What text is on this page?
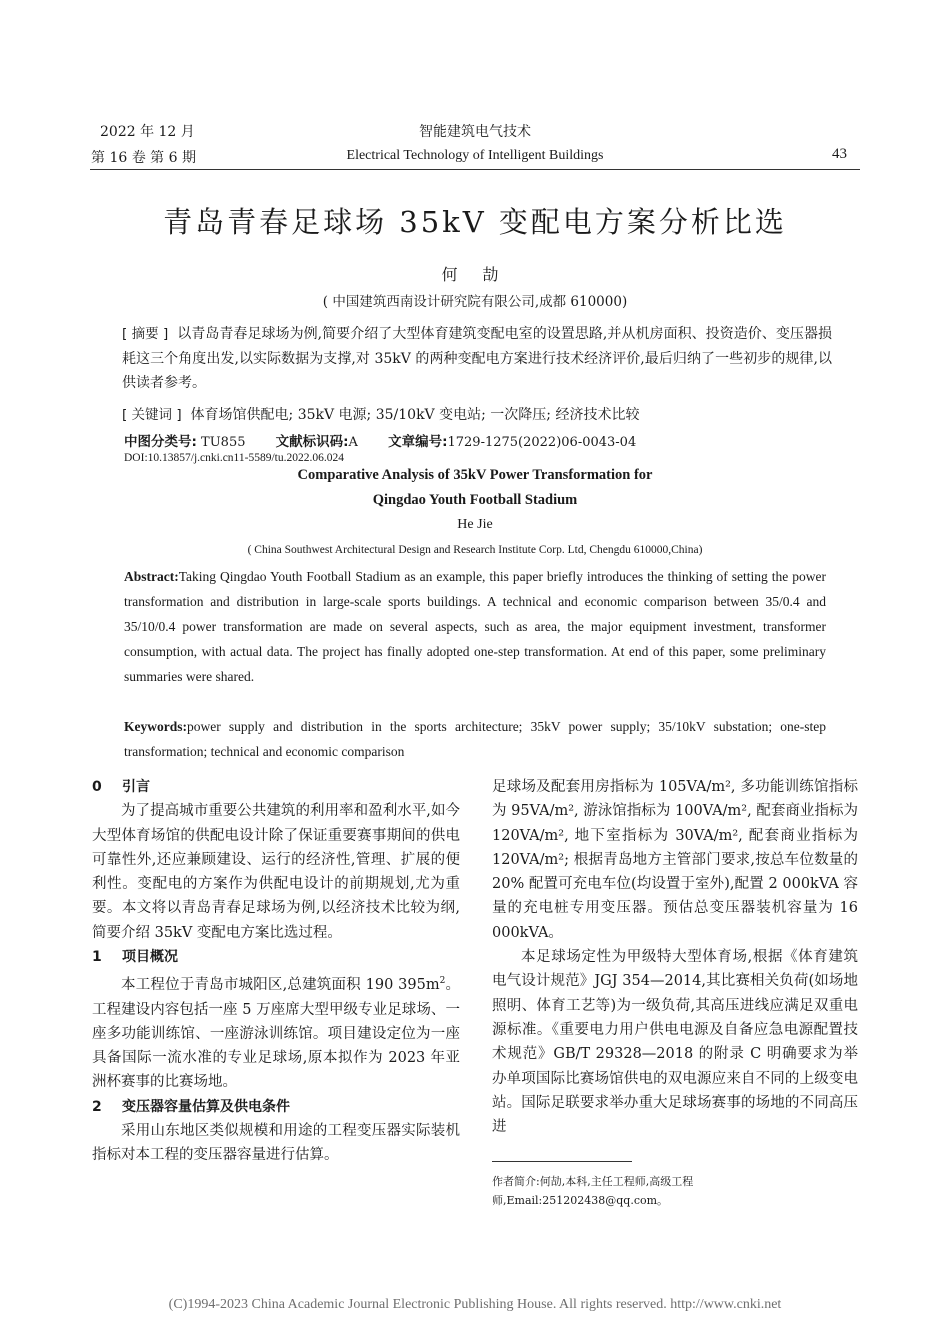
2022 年 12 月
第 16 卷 第 6 期
智能建筑电气技术
Electrical Technology of Intelligent Buildings	43
青岛青春足球场 35kV 变配电方案分析比选
何 劼
( 中国建筑西南设计研究院有限公司,成都 610000)
[ 摘要 ] 以青岛青春足球场为例,简要介绍了大型体育建筑变配电室的设置思路,并从机房面积、投资造价、变压器损耗这三个角度出发,以实际数据为支撑,对 35kV 的两种变配电方案进行技术经济评价,最后归纳了一些初步的规律,以供读者参考。
[ 关键词 ] 体育场馆供配电; 35kV 电源; 35/10kV 变电站; 一次降压; 经济技术比较
中图分类号: TU855 文献标识码:A 文章编号:1729-1275(2022)06-0043-04
DOI:10.13857/j.cnki.cn11-5589/tu.2022.06.024
Comparative Analysis of 35kV Power Transformation for
Qingdao Youth Football Stadium
He Jie
( China Southwest Architectural Design and Research Institute Corp. Ltd, Chengdu 610000,China)
Abstract:Taking Qingdao Youth Football Stadium as an example, this paper briefly introduces the thinking of setting the power transformation and distribution in large-scale sports buildings. A technical and economic comparison between 35/0.4 and 35/10/0.4 power transformation are made on several aspects, such as area, the major equipment investment, transformer consumption, with actual data. The project has finally adopted one-step transformation. At end of this paper, some preliminary summaries were shared.
Keywords:power supply and distribution in the sports architecture; 35kV power supply; 35/10kV substation; one-step transformation; technical and economic comparison
0 引言

为了提高城市重要公共建筑的利用率和盈利水平,如今大型体育场馆的供配电设计除了保证重要赛事期间的供电可靠性外,还应兼顾建设、运行的经济性,管理、扩展的便利性。变配电的方案作为供配电设计的前期规划,尤为重要。本文将以青岛青春足球场为例,以经济技术比较为纲,简要介绍 35kV 变配电方案比选过程。

1 项目概况

本工程位于青岛市城阳区,总建筑面积 190 $395m^2$。工程建设内容包括一座 5 万座席大型甲级专业足球场、一座多功能训练馆、一座游泳训练馆。项目建设定位为一座具备国际一流水准的专业足球场,原本拟作为 2023 年亚洲杯赛事的比赛场地。

2 变压器容量估算及供电条件

采用山东地区类似规模和用途的工程变压器实际装机指标对本工程的变压器容量进行估算。

足球场及配套用房指标为 105VA/m², 多功能训练馆指标为 95VA/m², 游泳馆指标为 100VA/m², 配套商业指标为 120VA/m², 地下室指标为 30VA/m², 配套商业指标为 120VA/m²; 根据青岛地方主管部门要求,按总车位数量的 20% 配置可充电车位(均设置于室外),配置 2 000kVA 容量的充电桩专用变压器。预估总变压器装机容量为 16 000kVA。

本足球场定性为甲级特大型体育场,根据《体育建筑电气设计规范》JGJ 354—2014,其比赛相关负荷(如场地照明、体育工艺等)为一级负荷,其高压进线应满足双重电源标准。《重要电力用户供电电源及自备应急电源配置技术规范》GB/T 29328—2018 的附录 C 明确要求为举办单项国际比赛场馆供电的双电源应来自不同的上级变电站。国际足联要求举办重大足球场赛事的场地的不同高压进

作者简介:何劼,本科,主任工程师,高级工程师,Email:251202438@qq.com。
(C)1994-2023 China Academic Journal Electronic Publishing House. All rights reserved. http://www.cnki.net
